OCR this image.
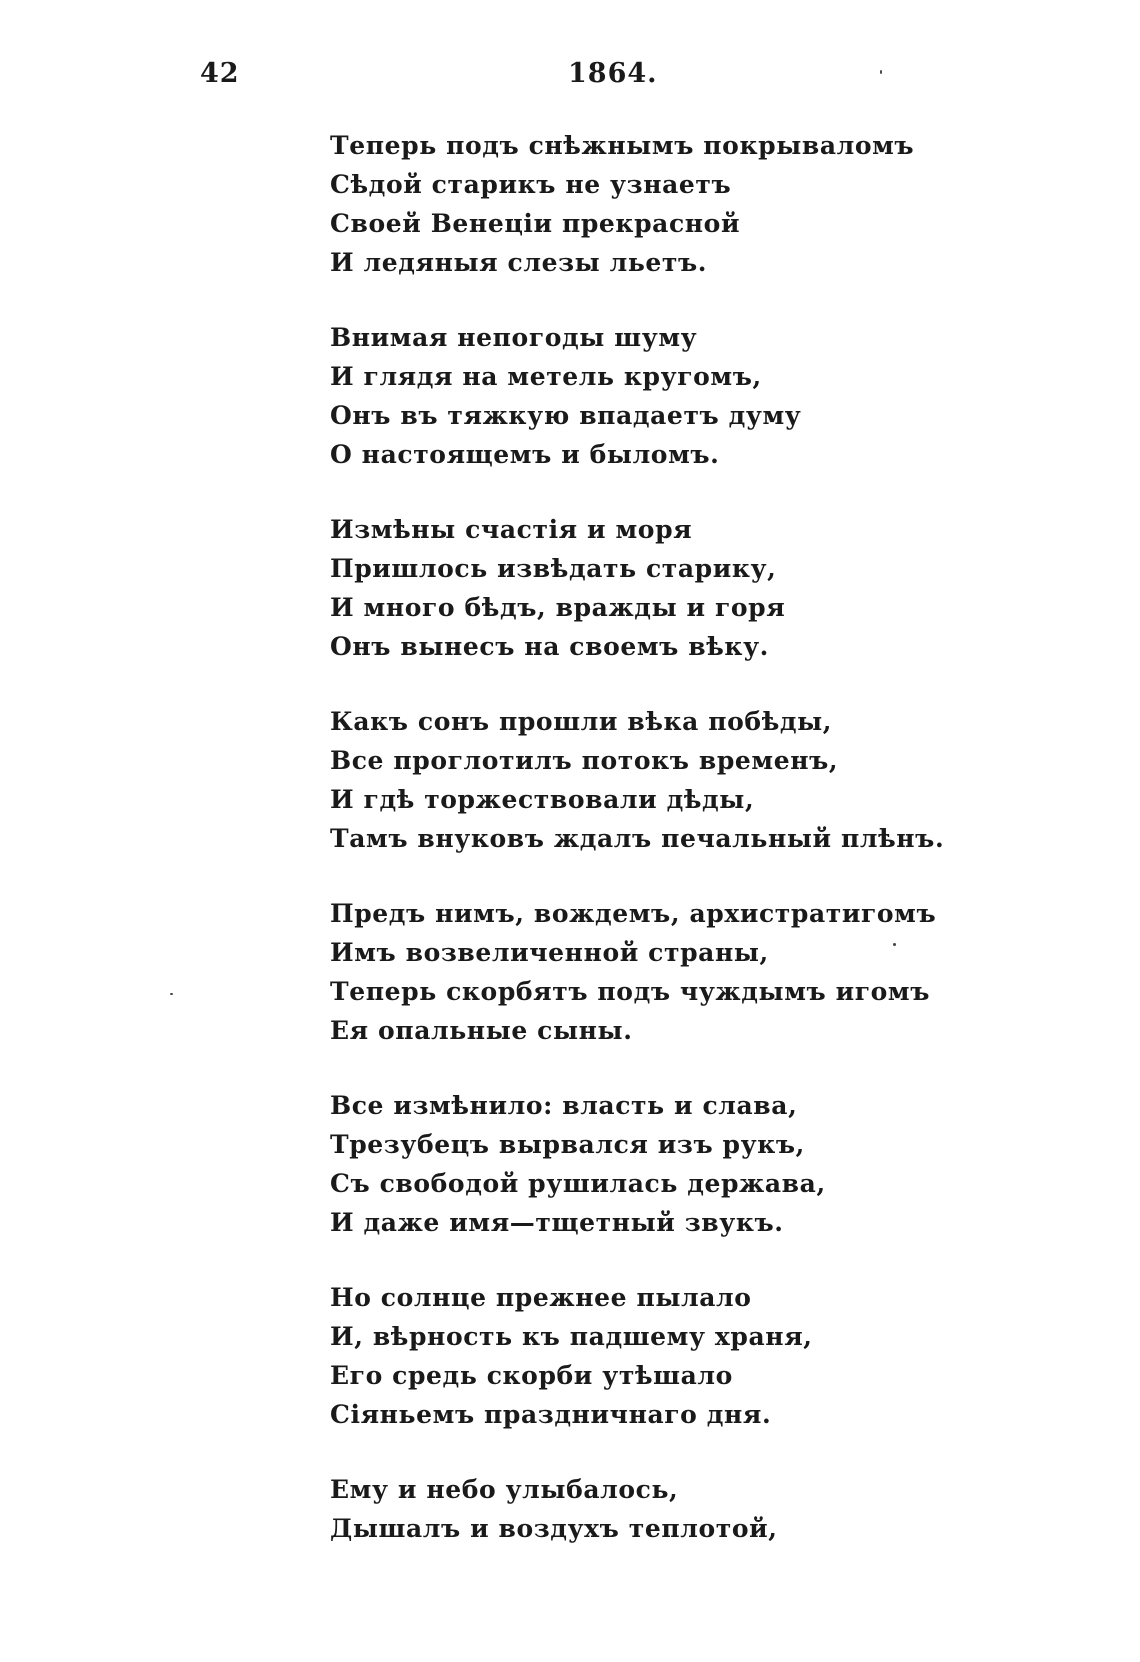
42	1864.
Теперь подъ снѣжнымъ покрываломъ
Сѣдой старикъ не узнаетъ
Своей Венеціи прекрасной
И ледяныя слезы льетъ.
Внимая непогоды шуму
И глядя на метель кругомъ,
Онъ въ тяжкую впадаетъ думу
О настоящемъ и быломъ.
Измѣны счастія и моря
Пришлось извѣдать старику,
И много бѣдъ, вражды и горя
Онъ вынесъ на своемъ вѣку.
Какъ сонъ прошли вѣка побѣды,
Все проглотилъ потокъ временъ,
И гдѣ торжествовали дѣды,
Тамъ внуковъ ждалъ печальный плѣнъ.
Предъ нимъ, вождемъ, архистратигомъ
Имъ возвеличенной страны,
Теперь скорбятъ подъ чуждымъ игомъ
Ея опальные сыны.
Все измѣнило: власть и слава,
Трезубецъ вырвался изъ рукъ,
Съ свободой рушилась держава,
И даже имя—тщетный звукъ.
Но солнце прежнее пылало
И, вѣрность къ падшему храня,
Его средь скорби утѣшало
Сіяньемъ праздничнаго дня.
Ему и небо улыбалось,
Дышалъ и воздухъ теплотой,
